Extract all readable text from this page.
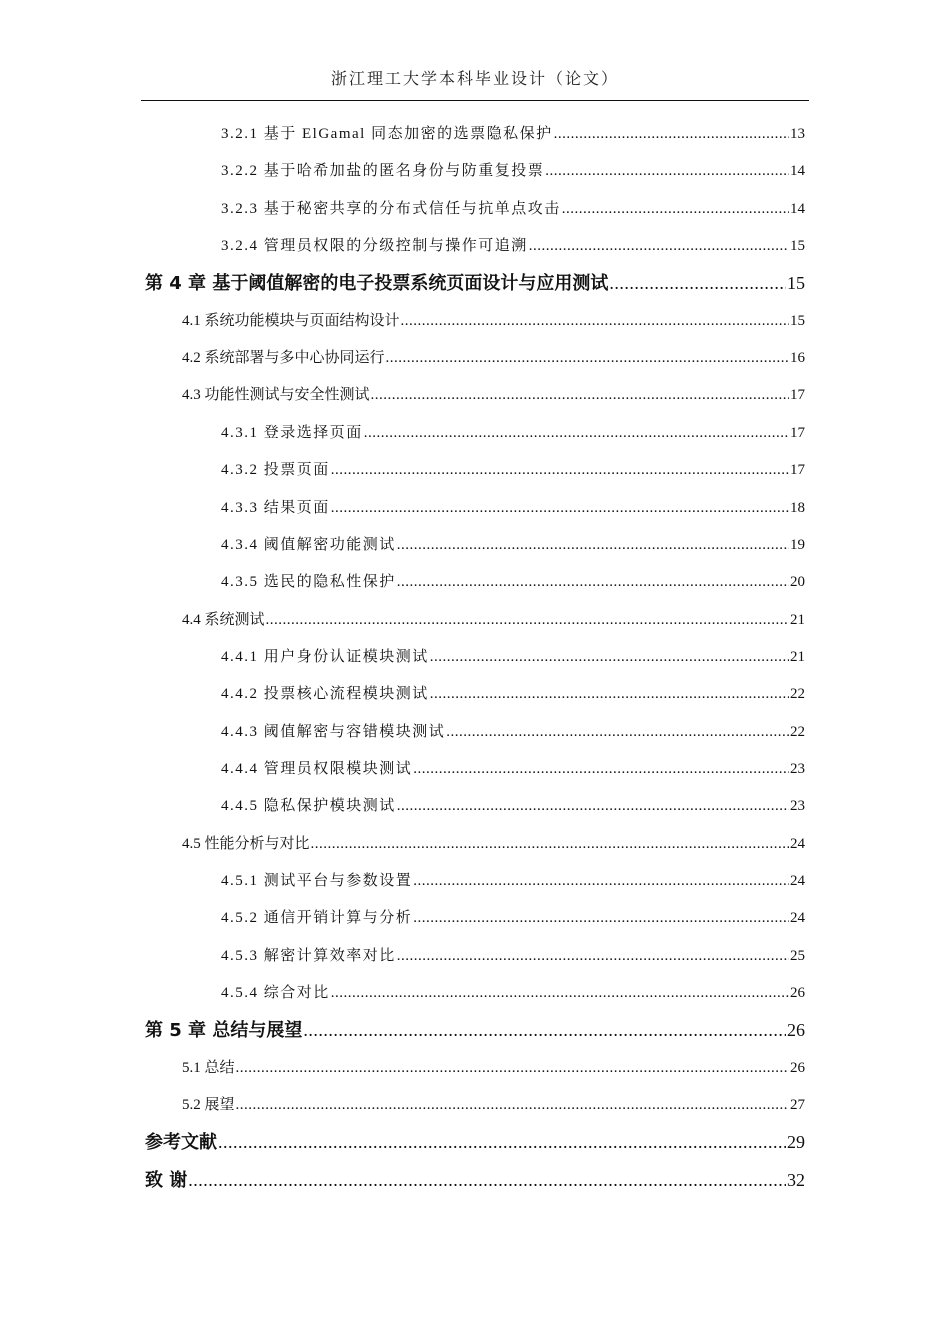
浙江理工大学本科毕业设计（论文）
3.2.1 基于 ElGamal 同态加密的选票隐私保护 .....	13
3.2.2 基于哈希加盐的匿名身份与防重复投票 .....	14
3.2.3 基于秘密共享的分布式信任与抗单点攻击 .....	14
3.2.4 管理员权限的分级控制与操作可追溯 .....	15
第 4 章 基于阈值解密的电子投票系统页面设计与应用测试 .....	15
4.1 系统功能模块与页面结构设计 .....	15
4.2 系统部署与多中心协同运行 .....	16
4.3 功能性测试与安全性测试 .....	17
4.3.1 登录选择页面 .....	17
4.3.2 投票页面 .....	17
4.3.3 结果页面 .....	18
4.3.4 阈值解密功能测试 .....	19
4.3.5 选民的隐私性保护 .....	20
4.4 系统测试 .....	21
4.4.1 用户身份认证模块测试 .....	21
4.4.2 投票核心流程模块测试 .....	22
4.4.3 阈值解密与容错模块测试 .....	22
4.4.4 管理员权限模块测试 .....	23
4.4.5 隐私保护模块测试 .....	23
4.5 性能分析与对比 .....	24
4.5.1 测试平台与参数设置 .....	24
4.5.2 通信开销计算与分析 .....	24
4.5.3 解密计算效率对比 .....	25
4.5.4 综合对比 .....	26
第 5 章 总结与展望 .....	26
5.1 总结 .....	26
5.2 展望 .....	27
参考文献 .....	29
致 谢 .....	32
